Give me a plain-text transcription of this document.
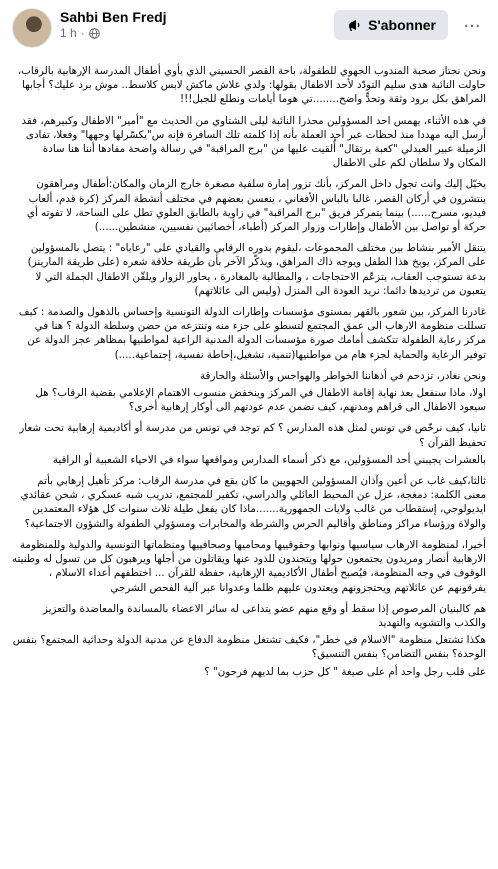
Sahbi Ben Fredj
1 h ·
S'abonner ···

ونحن نجتاز صحبة المندوب الجهوي للطفولة، باحة القصر الحسيني الذي يأوي أطفال المدرسة الإرهابية بالرقاب، حاولت النائبة هدى سليم التودّد لأحد الاطفال بقولها: ولدي علاش ماكش لابس كلاسط.. موش برد عليك؟ أجابها المراهق بكل برود وثقة وتحدٍّ واضح........تي هوما أيامات ونطلع للجبل!!!

في هذه الأثناء، يهمس احد المسؤولين محذرا النائبة ليلى الشتاوي من الحديث مع "أمير" الاطفال وكبيرهم، فقد أرسل اليه مهددا منذ لحظات عبر أحد العملة بأنه إذا كلمته تلك السافرة فإنه س"يكسّرلها وجهها" وفعلا، تفادى الزميلة عبير العبدلي "كعبة برتقال" أُلقيت عليها من "برج المراقبة" في رسالة واضحة مفادها أننا هنا سادة المكان ولا سلطان لكم على الاطفال

يخيّل إليك وانت تجول داخل المركز، بأنك تزور إمارة سلفية مصغرة خارج الزمان والمكان:أطفال ومراهقون ينتشرون في أركان القصر، غالبا بالباس الأفغاني ، ينعسن بعضهم في مختلف أنشطة المركز (كرة قدم، ألعاب فيديو، مسرح......) بينما يتمركز فريق "برج المراقبة" في زاوية بالطابق العلوي تطل على الساحة، لا تفوته أي حركة أو تواصل بين الأطفال وإطارات وزوار المركز (أطباء، أخصائيين نفسيين، منشطين......)

يتنقل الأمير بنشاط بين مختلف المجموعات ،ليقوم بدوره الرقابي والقيادي على "رعاياه" : يتصل بالمسؤولين على المركز، يوبخ هذا الطفل ويوجه ذاك المراهق، ويذكّر الآخر بأن طريقة حلاقة شعره (على طريقة المارينز) بدعة تستوجب العقاب، يتزعّم الاحتجاجات ، والمطالبة بالمغادرة ، يحاور الزوار ويلقّن الاطفال الجملة التي لا يتعبون من ترديدها دائما: نريد العودة الى المنزل (وليس الى عائلاتهم)

غادرنا المركز، بين شعور بالقهر بمستوى مؤسسات وإطارات الدولة التونسية وإحساس بالذهول والصدمة : كيف تسللت منظومة الارهاب الى عمق المجتمع لتسطو على جزء منه وتنتزعه من حضن وسلطة الدولة ؟ هنا في مركز رعاية الطفولة تتكشف أمامك صورة مؤسسات الدولة المدنية الراعية لمواطنيها بمظاهر عجز الدولة عن توفير الرعاية والحماية لجزء هام من مواطنيها(تنمية، تشغيل،إحاطة نفسية، إجتماعية.....)

ونحن نغادر، تزدحم في أذهاننا الخواطر والهواجس والأسئلة والحارقة

اولا، ماذا سنفعل بعد نهاية إقامة الاطفال في المركز وينخفض منسوب الاهتمام الإعلامي بقضية الرقاب؟ هل سيعود الاطفال الى قراهم ومدنهم، كيف نضمن عدم عودتهم الى أوكار إرهابية أخرى؟

ثانيا، كيف نرخّص في تونس لمثل هذه المدارس ؟ كم توجد في تونس من مدرسة أو أكاديمية إرهابية تحت شعار تحفيظ القرآن ؟

بالعشرات يجيبني أحد المسؤولين، مع ذكر أسماء المدارس ومواقعها سواء في الاحياء الشعبية أو الراقية

ثالثا،كيف غاب عن أعين وآذان المسؤولين الجهويين ما كان يقع في مدرسة الرقاب: مركز تأهيل إرهابي بأتم معنى الكلمة: دمغجة، عزل عن المحيط العائلي والدراسي، تكفير للمجتمع، تدريب شبه عسكري ، شحن عقائدي ايديولوجي، إستقطاب من غالب ولايات الجمهورية.......ماذا كان يفعل طيلة ثلاث سنوات كل هؤلاء المعتمدين والولاة ورؤساء مراكز ومناطق وأقاليم الحرس والشرطة والمخابرات ومسؤولي الطفولة والشؤون الاجتماعية؟

أخيرا، لمنظومة الارهاب سياسيها ونوابها وحقوقييها ومحاميها وصحافييها ومنظماتها التونسية والدولية وللمنظومة الارهابية أنصار ومريدون يجتمعون حولها ويتجندون للذود عنها ويقاتلون من أجلها ويرهبون كل من تسول له وطنيته الوقوف في وجه المنظومة، فيُصبح أطفال الأكاديمية الإرهابية، حفظة للقرآن ... اختطفهم أعداء الاسلام ، يفرقونهم عن عائلاتهم ويحتجزونهم ويعتدون عليهم ظلما وعدوانا عبر آلية الفحص الشرجي

هم كالبنيان المرصوص إذا سقط أو وقع منهم عضو يتداعى له سائر الاعضاء بالمساندة والمعاضدة والتعزيز والكذب والتشويه والتهديد

هكذا تشتغل منظومة "الاسلام في خطر"، فكيف تشتغل منظومة الدفاع عن مدنية الدولة وحداثية المجتمع؟ بنفس الوحدة؟ بنفس التضامن؟ بنفس التنسيق؟

على قلب رجل واحد أم على صيغة " كل حزب بما لديهم فرحون" ؟
